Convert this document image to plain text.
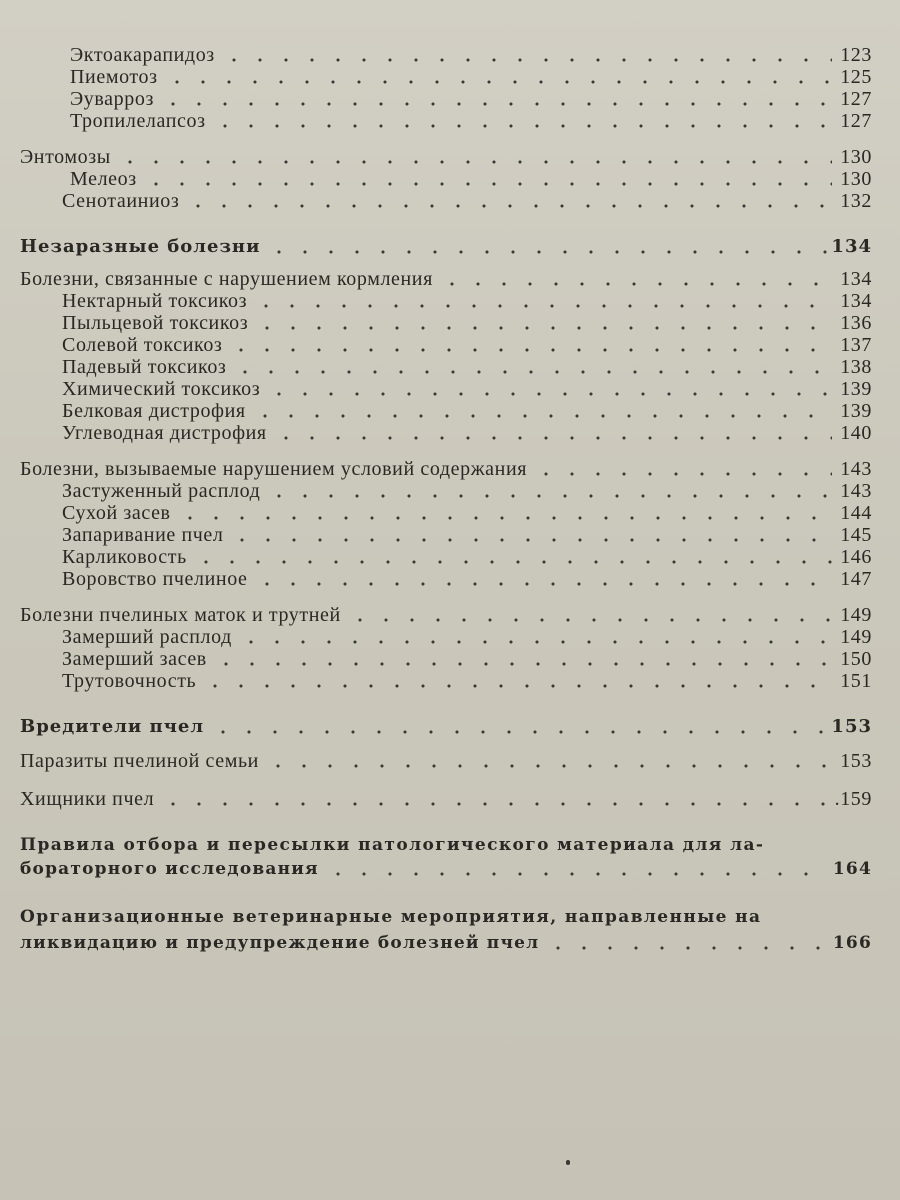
Эктоакарапидоз	123
Пиемотоз	125
Эуварроз	127
Тропилелапсоз	127
Энтомозы	130
Мелеоз	130
Сенотаиниоз	132
Незаразные болезни	134
Болезни, связанные с нарушением кормления	134
Нектарный токсикоз	134
Пыльцевой токсикоз	136
Солевой токсикоз	137
Падевый токсикоз	138
Химический токсикоз	139
Белковая дистрофия	139
Углеводная дистрофия	140
Болезни, вызываемые нарушением условий содержания	143
Застуженный расплод	143
Сухой засев	144
Запаривание пчел	145
Карликовость	146
Воровство пчелиное	147
Болезни пчелиных маток и трутней	149
Замерший расплод	149
Замерший засев	150
Трутовочность	151
Вредители пчел	153
Паразиты пчелиной семьи	153
Хищники пчел	.159
Правила отбора и пересылки патологического материала для ла-
бораторного исследования	164
Организационные ветеринарные мероприятия, направленные на
ликвидацию и предупреждение болезней пчел	166
